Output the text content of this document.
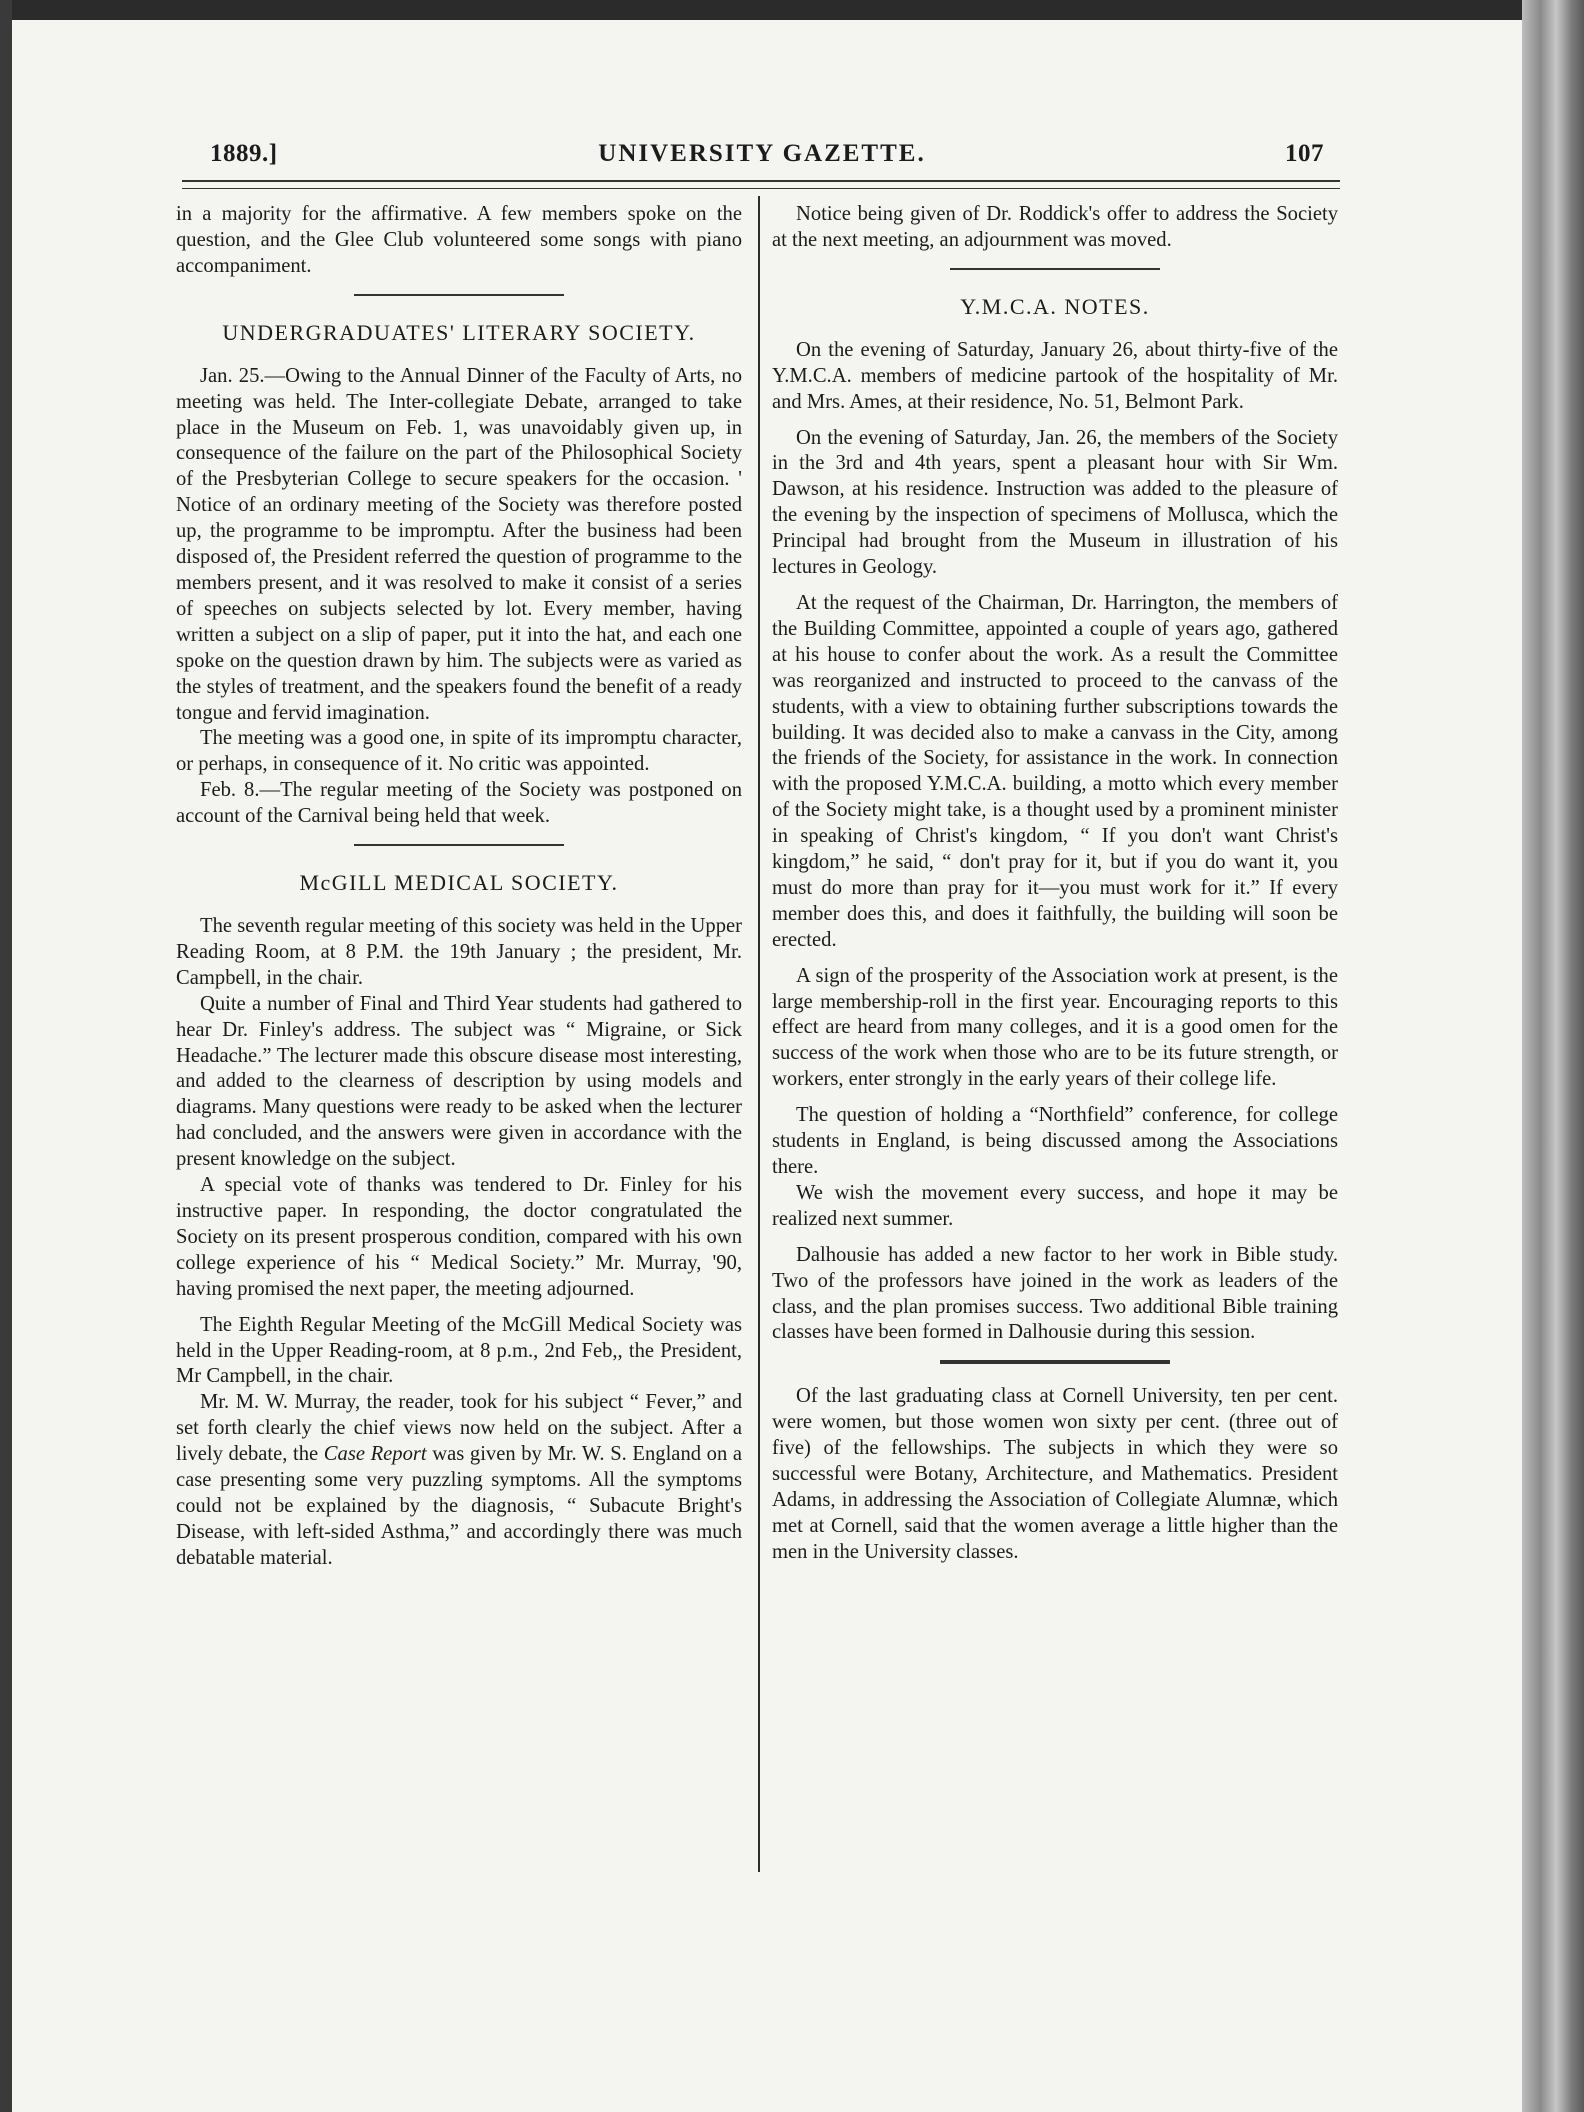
1889.]	UNIVERSITY GAZETTE.	107

in a majority for the affirmative. A few members spoke on the question, and the Glee Club volunteered some songs with piano accompaniment.

UNDERGRADUATES' LITERARY SOCIETY.

Jan. 25.—Owing to the Annual Dinner of the Faculty of Arts, no meeting was held. The Inter-collegiate Debate, arranged to take place in the Museum on Feb. 1, was unavoidably given up, in consequence of the failure on the part of the Philosophical Society of the Presbyterian College to secure speakers for the occasion. ' Notice of an ordinary meeting of the Society was therefore posted up, the programme to be impromptu. After the business had been disposed of, the President referred the question of programme to the members present, and it was resolved to make it consist of a series of speeches on subjects selected by lot. Every member, having written a subject on a slip of paper, put it into the hat, and each one spoke on the question drawn by him. The subjects were as varied as the styles of treatment, and the speakers found the benefit of a ready tongue and fervid imagination.

The meeting was a good one, in spite of its impromptu character, or perhaps, in consequence of it. No critic was appointed.

Feb. 8.—The regular meeting of the Society was postponed on account of the Carnival being held that week.

McGILL MEDICAL SOCIETY.

The seventh regular meeting of this society was held in the Upper Reading Room, at 8 P.M. the 19th January ; the president, Mr. Campbell, in the chair.

Quite a number of Final and Third Year students had gathered to hear Dr. Finley's address. The subject was “ Migraine, or Sick Headache.” The lecturer made this obscure disease most interesting, and added to the clearness of description by using models and diagrams. Many questions were ready to be asked when the lecturer had concluded, and the answers were given in accordance with the present knowledge on the subject.

A special vote of thanks was tendered to Dr. Finley for his instructive paper. In responding, the doctor congratulated the Society on its present prosperous condition, compared with his own college experience of his “ Medical Society.” Mr. Murray, '90, having promised the next paper, the meeting adjourned.

The Eighth Regular Meeting of the McGill Medical Society was held in the Upper Reading-room, at 8 p.m., 2nd Feb,, the President, Mr Campbell, in the chair.

Mr. M. W. Murray, the reader, took for his subject “ Fever,” and set forth clearly the chief views now held on the subject. After a lively debate, the Case Report was given by Mr. W. S. England on a case presenting some very puzzling symptoms. All the symptoms could not be explained by the diagnosis, “ Subacute Bright's Disease, with left-sided Asthma,” and accordingly there was much debatable material.

Notice being given of Dr. Roddick's offer to address the Society at the next meeting, an adjournment was moved.

Y.M.C.A. NOTES.

On the evening of Saturday, January 26, about thirty-five of the Y.M.C.A. members of medicine partook of the hospitality of Mr. and Mrs. Ames, at their residence, No. 51, Belmont Park.

On the evening of Saturday, Jan. 26, the members of the Society in the 3rd and 4th years, spent a pleasant hour with Sir Wm. Dawson, at his residence. Instruction was added to the pleasure of the evening by the inspection of specimens of Mollusca, which the Principal had brought from the Museum in illustration of his lectures in Geology.

At the request of the Chairman, Dr. Harrington, the members of the Building Committee, appointed a couple of years ago, gathered at his house to confer about the work. As a result the Committee was reorganized and instructed to proceed to the canvass of the students, with a view to obtaining further subscriptions towards the building. It was decided also to make a canvass in the City, among the friends of the Society, for assistance in the work. In connection with the proposed Y.M.C.A. building, a motto which every member of the Society might take, is a thought used by a prominent minister in speaking of Christ's kingdom, “ If you don't want Christ's kingdom,” he said, “ don't pray for it, but if you do want it, you must do more than pray for it—you must work for it.” If every member does this, and does it faithfully, the building will soon be erected.

A sign of the prosperity of the Association work at present, is the large membership-roll in the first year. Encouraging reports to this effect are heard from many colleges, and it is a good omen for the success of the work when those who are to be its future strength, or workers, enter strongly in the early years of their college life.

The question of holding a “Northfield” conference, for college students in England, is being discussed among the Associations there.

We wish the movement every success, and hope it may be realized next summer.

Dalhousie has added a new factor to her work in Bible study. Two of the professors have joined in the work as leaders of the class, and the plan promises success. Two additional Bible training classes have been formed in Dalhousie during this session.

Of the last graduating class at Cornell University, ten per cent. were women, but those women won sixty per cent. (three out of five) of the fellowships. The subjects in which they were so successful were Botany, Architecture, and Mathematics. President Adams, in addressing the Association of Collegiate Alumnæ, which met at Cornell, said that the women average a little higher than the men in the University classes.
